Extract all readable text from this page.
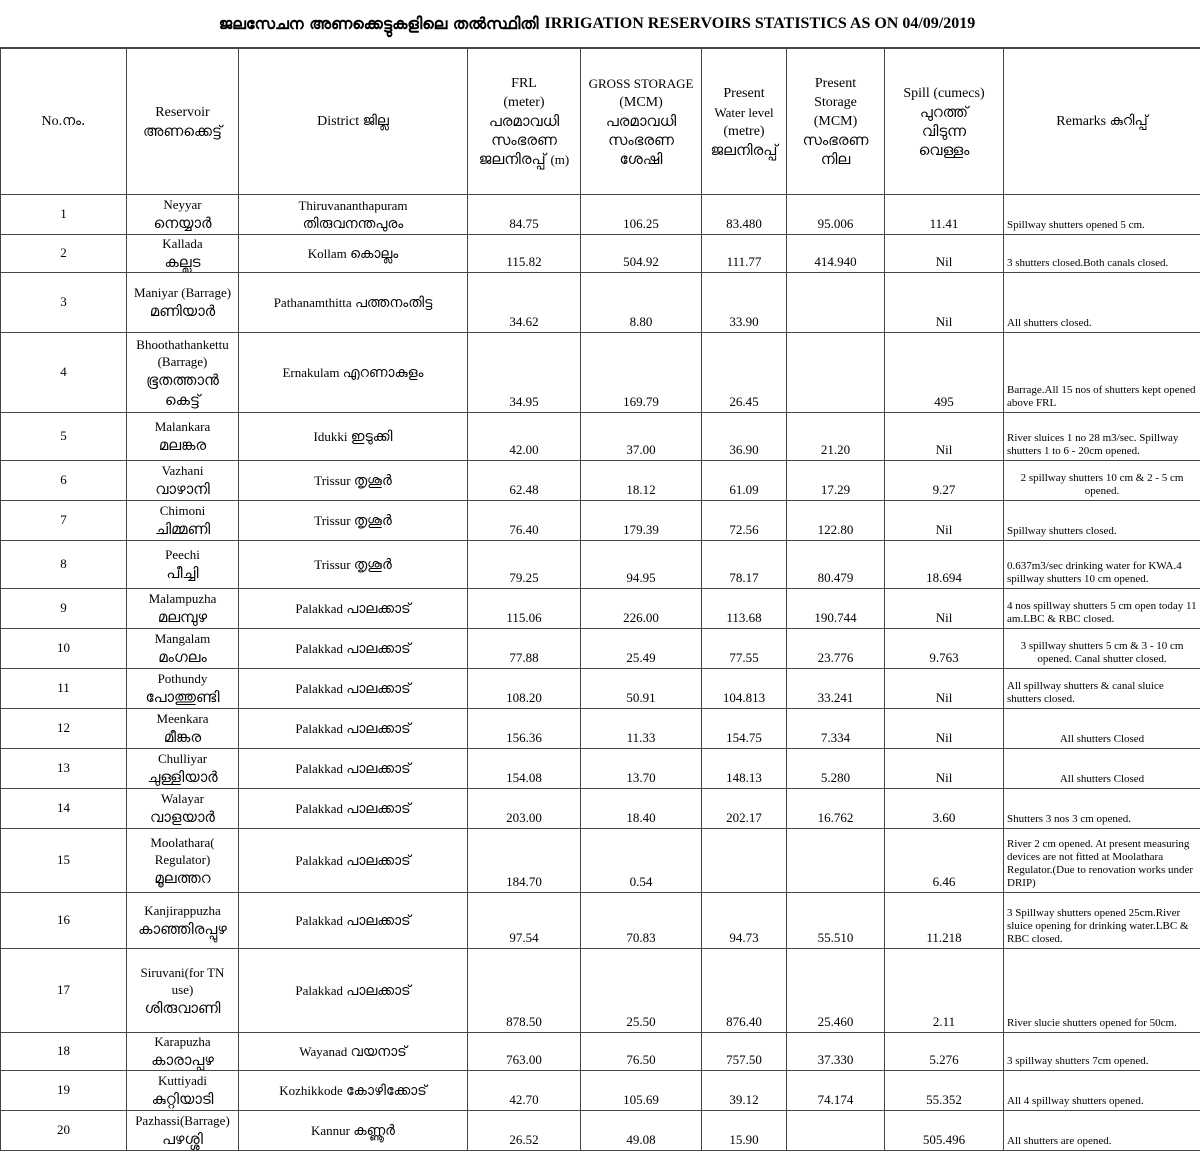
ജലസേചന അണക്കെട്ടുകളിലെ തൽസ്ഥിതി IRRIGATION RESERVOIRS STATISTICS AS ON 04/09/2019
No.നം.	Reservoir
അണക്കെട്ട്	District ജില്ല	FRL
(meter)
പരമാവധി
സംഭരണ
ജലനിരപ്പ് (m)	GROSS STORAGE
(MCM)
പരമാവധി
സംഭരണ
ശേഷി	Present
Water level
(metre)
ജലനിരപ്പ്	Present
Storage
(MCM)
സംഭരണ
നില	Spill (cumecs)
പുറത്ത്
വിടുന്ന
വെള്ളം	Remarks കുറിപ്പ്
1	Neyyar
നെയ്യാർ	Thiruvananthapuram
തിരുവനന്തപുരം	84.75	106.25	83.480	95.006	11.41	Spillway shutters opened 5 cm.
2	Kallada
കല്ലട	Kollam കൊല്ലം	115.82	504.92	111.77	414.940	Nil	3 shutters closed.Both canals closed.
3	Maniyar (Barrage)
മണിയാർ	Pathanamthitta പത്തനംതിട്ട	34.62	8.80	33.90		Nil	All shutters closed.
4	Bhoothathankettu (Barrage)
ഭൂതത്താൻ കെട്ട്	Ernakulam എറണാകുളം	34.95	169.79	26.45		495	Barrage.All 15 nos of shutters kept opened above FRL
5	Malankara
മലങ്കര	Idukki ഇടുക്കി	42.00	37.00	36.90	21.20	Nil	River sluices 1 no 28 m3/sec. Spillway shutters 1 to 6 - 20cm opened.
6	Vazhani
വാഴാനി	Trissur തൃശൂർ	62.48	18.12	61.09	17.29	9.27	2 spillway shutters 10 cm & 2 - 5 cm opened.
7	Chimoni
ചിമ്മണി	Trissur തൃശൂർ	76.40	179.39	72.56	122.80	Nil	Spillway shutters closed.
8	Peechi
പീച്ചി	Trissur തൃശൂർ	79.25	94.95	78.17	80.479	18.694	0.637m3/sec drinking water for KWA.4 spillway shutters 10 cm opened.
9	Malampuzha
മലമ്പുഴ	Palakkad പാലക്കാട്	115.06	226.00	113.68	190.744	Nil	4 nos spillway shutters 5 cm open today 11 am.LBC & RBC closed.
10	Mangalam
മംഗലം	Palakkad പാലക്കാട്	77.88	25.49	77.55	23.776	9.763	3 spillway shutters 5 cm & 3 - 10 cm opened. Canal shutter closed.
11	Pothundy
പോത്തുണ്ടി	Palakkad പാലക്കാട്	108.20	50.91	104.813	33.241	Nil	All spillway shutters & canal sluice shutters closed.
12	Meenkara
മീങ്കര	Palakkad പാലക്കാട്	156.36	11.33	154.75	7.334	Nil	All shutters Closed
13	Chulliyar
ചുള്ളിയാർ	Palakkad പാലക്കാട്	154.08	13.70	148.13	5.280	Nil	All shutters Closed
14	Walayar
വാളയാർ	Palakkad പാലക്കാട്	203.00	18.40	202.17	16.762	3.60	Shutters 3 nos 3 cm opened.
15	Moolathara( Regulator)
മൂലത്തറ	Palakkad പാലക്കാട്	184.70	0.54			6.46	River 2 cm opened. At present measuring devices are not fitted at Moolathara Regulator.(Due to renovation works under DRIP)
16	Kanjirappuzha
കാഞ്ഞിരപ്പുഴ	Palakkad പാലക്കാട്	97.54	70.83	94.73	55.510	11.218	3 Spillway shutters opened 25cm.River sluice opening for drinking water.LBC & RBC closed.
17	Siruvani(for TN use)
ശിരുവാണി	Palakkad പാലക്കാട്	878.50	25.50	876.40	25.460	2.11	River slucie shutters opened for 50cm.
18	Karapuzha
കാരാപ്പുഴ	Wayanad വയനാട്	763.00	76.50	757.50	37.330	5.276	3 spillway shutters 7cm opened.
19	Kuttiyadi
കുറ്റിയാടി	Kozhikkode കോഴിക്കോട്	42.70	105.69	39.12	74.174	55.352	All 4 spillway shutters opened.
20	Pazhassi(Barrage)
പഴശ്ശി	Kannur കണ്ണൂർ	26.52	49.08	15.90		505.496	All shutters are opened.
